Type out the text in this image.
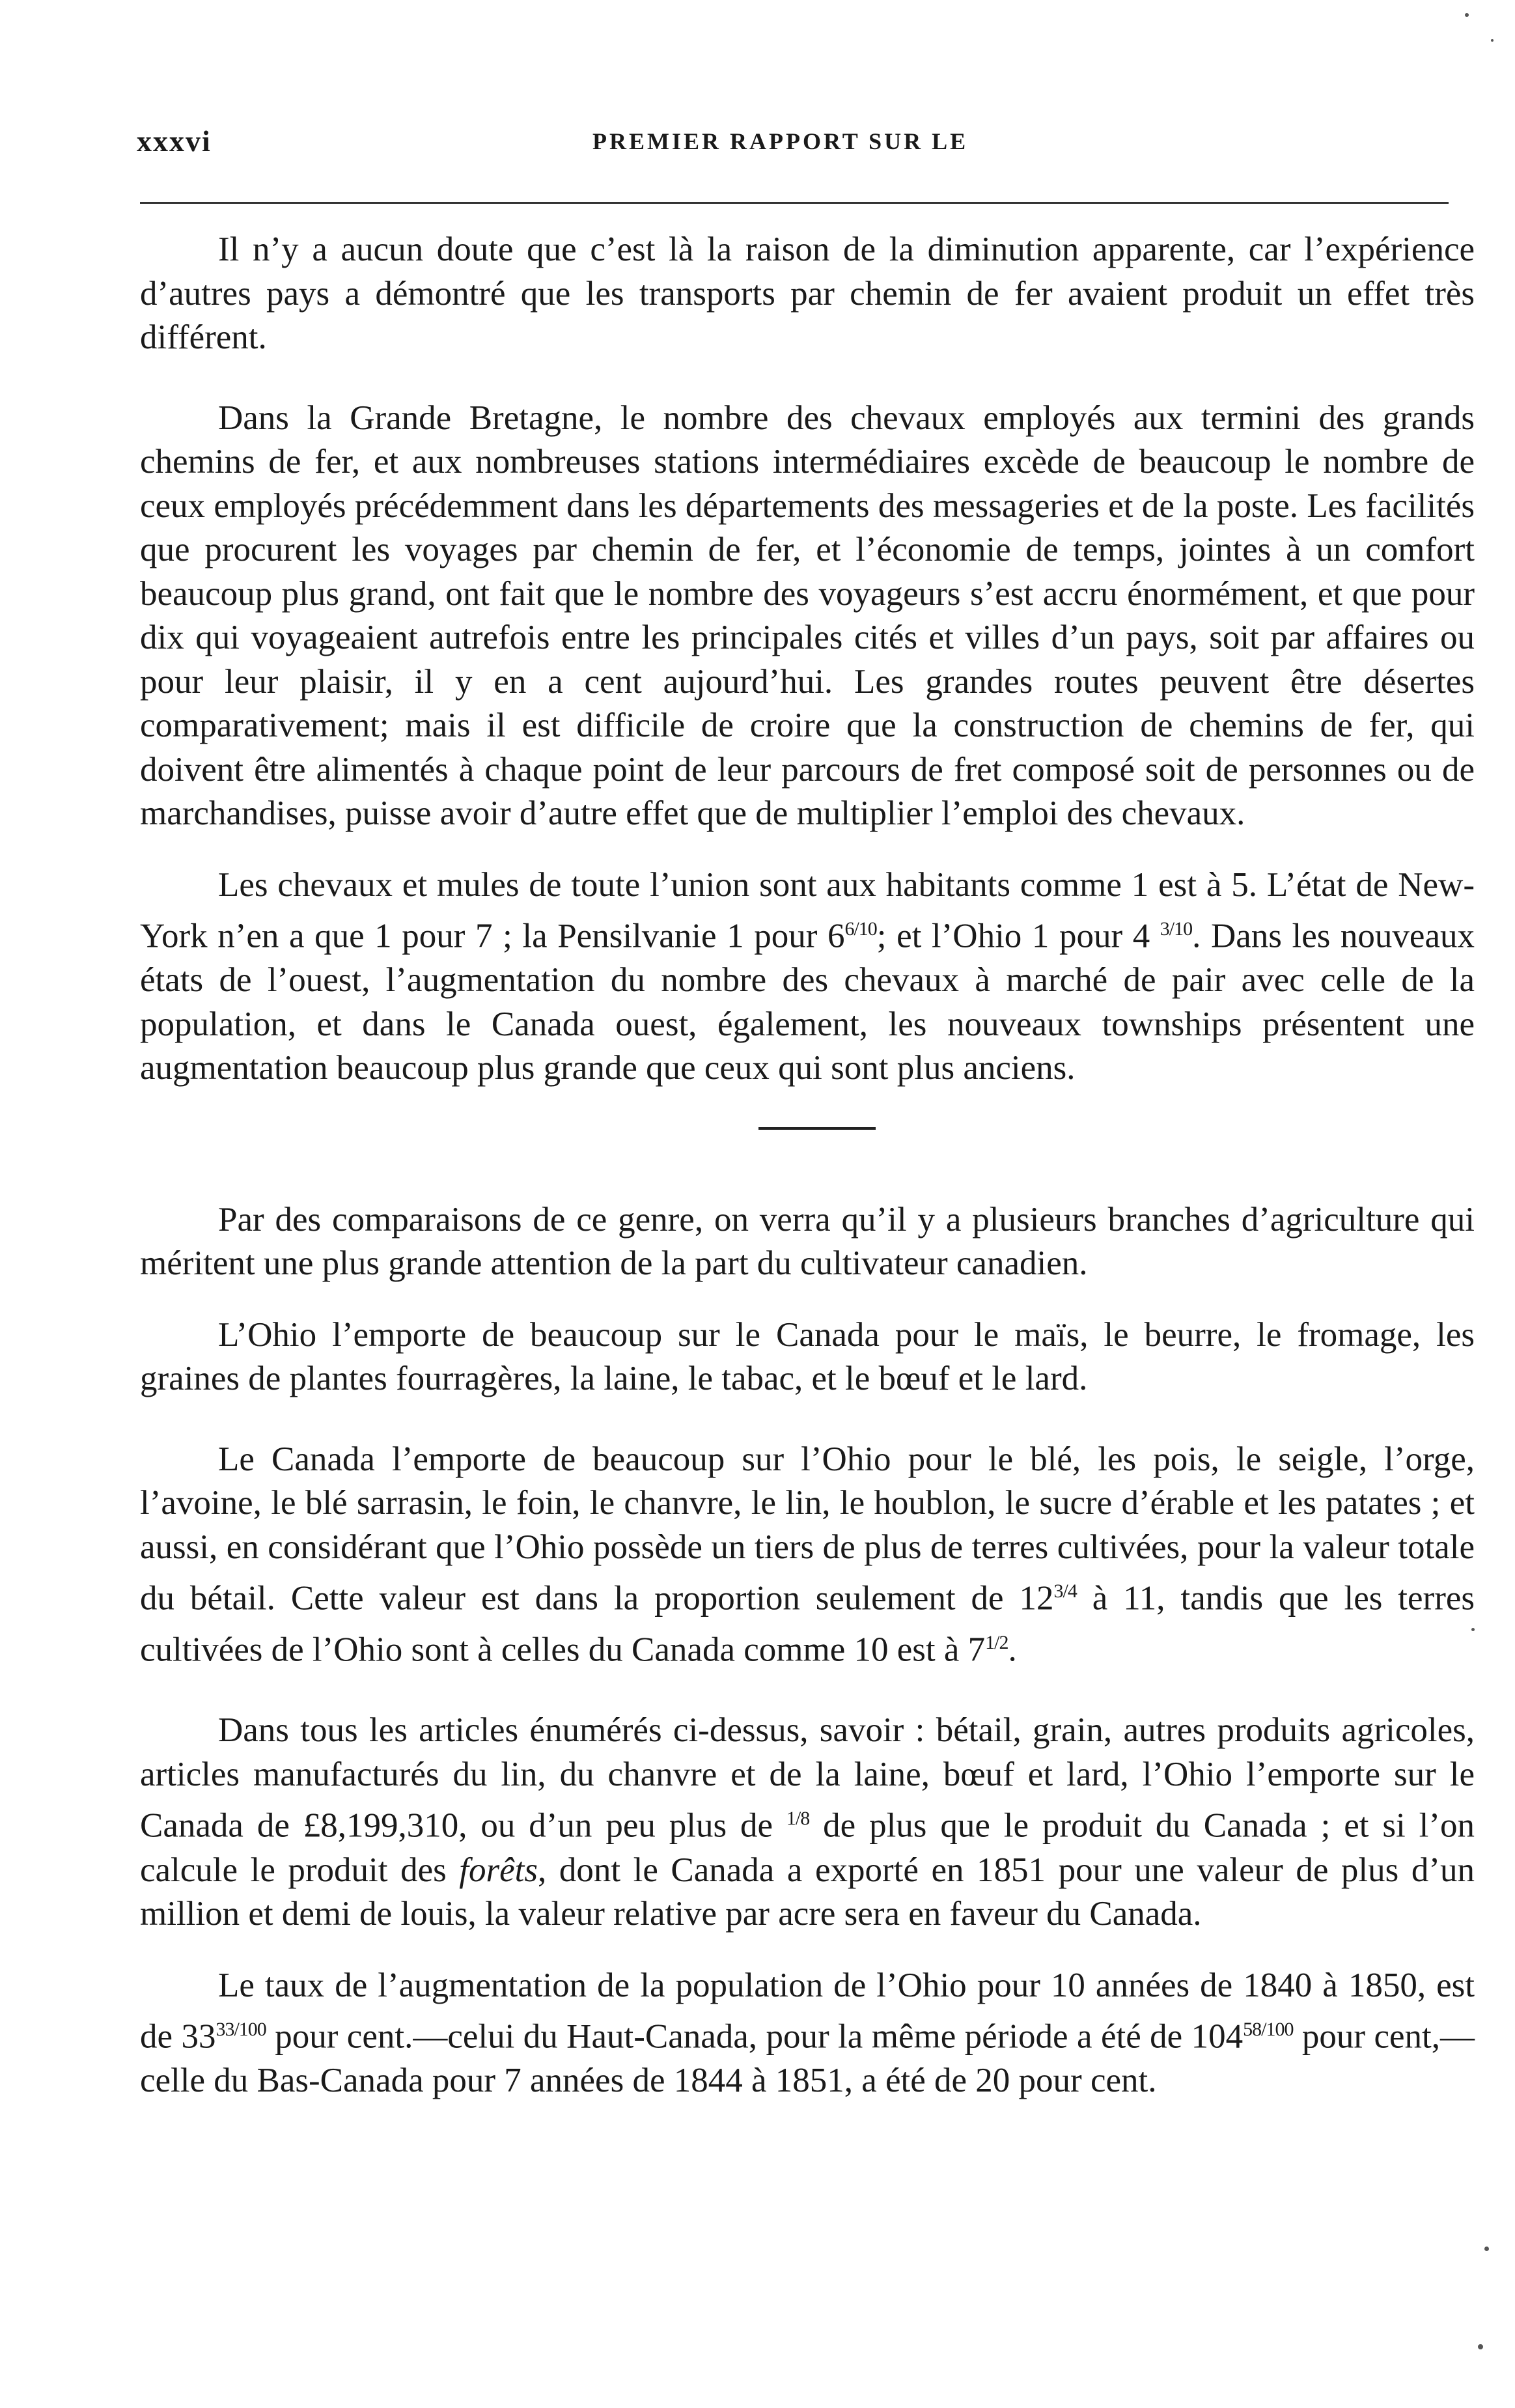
xxxvi	PREMIER RAPPORT SUR LE

Il n’y a aucun doute que c’est là la raison de la diminution apparente, car l’expérience d’autres pays a démontré que les transports par chemin de fer avaient produit un effet très différent.

Dans la Grande Bretagne, le nombre des chevaux employés aux termini des grands chemins de fer, et aux nombreuses stations intermédiaires excède de beaucoup le nombre de ceux employés précédemment dans les départements des messageries et de la poste. Les facilités que procurent les voyages par chemin de fer, et l’économie de temps, jointes à un comfort beaucoup plus grand, ont fait que le nombre des voyageurs s’est accru énormément, et que pour dix qui voyageaient autrefois entre les principales cités et villes d’un pays, soit par affaires ou pour leur plaisir, il y en a cent aujourd’hui. Les grandes routes peuvent être désertes comparativement; mais il est difficile de croire que la construction de chemins de fer, qui doivent être alimentés à chaque point de leur parcours de fret composé soit de personnes ou de marchandises, puisse avoir d’autre effet que de multiplier l’emploi des chevaux.

Les chevaux et mules de toute l’union sont aux habitants comme 1 est à 5. L’état de New-York n’en a que 1 pour 7 ; la Pensilvanie 1 pour $6^{6/10}$; et l’Ohio 1 pour 4 $^{3/10}$. Dans les nouveaux états de l’ouest, l’augmentation du nombre des chevaux à marché de pair avec celle de la population, et dans le Canada ouest, également, les nouveaux townships présentent une augmentation beaucoup plus grande que ceux qui sont plus anciens.

Par des comparaisons de ce genre, on verra qu’il y a plusieurs branches d’agriculture qui méritent une plus grande attention de la part du cultivateur canadien.

L’Ohio l’emporte de beaucoup sur le Canada pour le maïs, le beurre, le fromage, les graines de plantes fourragères, la laine, le tabac, et le bœuf et le lard.

Le Canada l’emporte de beaucoup sur l’Ohio pour le blé, les pois, le seigle, l’orge, l’avoine, le blé sarrasin, le foin, le chanvre, le lin, le houblon, le sucre d’érable et les patates ; et aussi, en considérant que l’Ohio possède un tiers de plus de terres cultivées, pour la valeur totale du bétail. Cette valeur est dans la proportion seulement de $12^{3/4}$ à 11, tandis que les terres cultivées de l’Ohio sont à celles du Canada comme 10 est à $7^{1/2}$.

Dans tous les articles énumérés ci-dessus, savoir : bétail, grain, autres produits agricoles, articles manufacturés du lin, du chanvre et de la laine, bœuf et lard, l’Ohio l’emporte sur le Canada de £8,199,310, ou d’un peu plus de $^{1/8}$ de plus que le produit du Canada ; et si l’on calcule le produit des forêts, dont le Canada a exporté en 1851 pour une valeur de plus d’un million et demi de louis, la valeur relative par acre sera en faveur du Canada.

Le taux de l’augmentation de la population de l’Ohio pour 10 années de 1840 à 1850, est de $33^{33/100}$ pour cent.—celui du Haut-Canada, pour la même période a été de $104^{58/100}$ pour cent,—celle du Bas-Canada pour 7 années de 1844 à 1851, a été de 20 pour cent.
